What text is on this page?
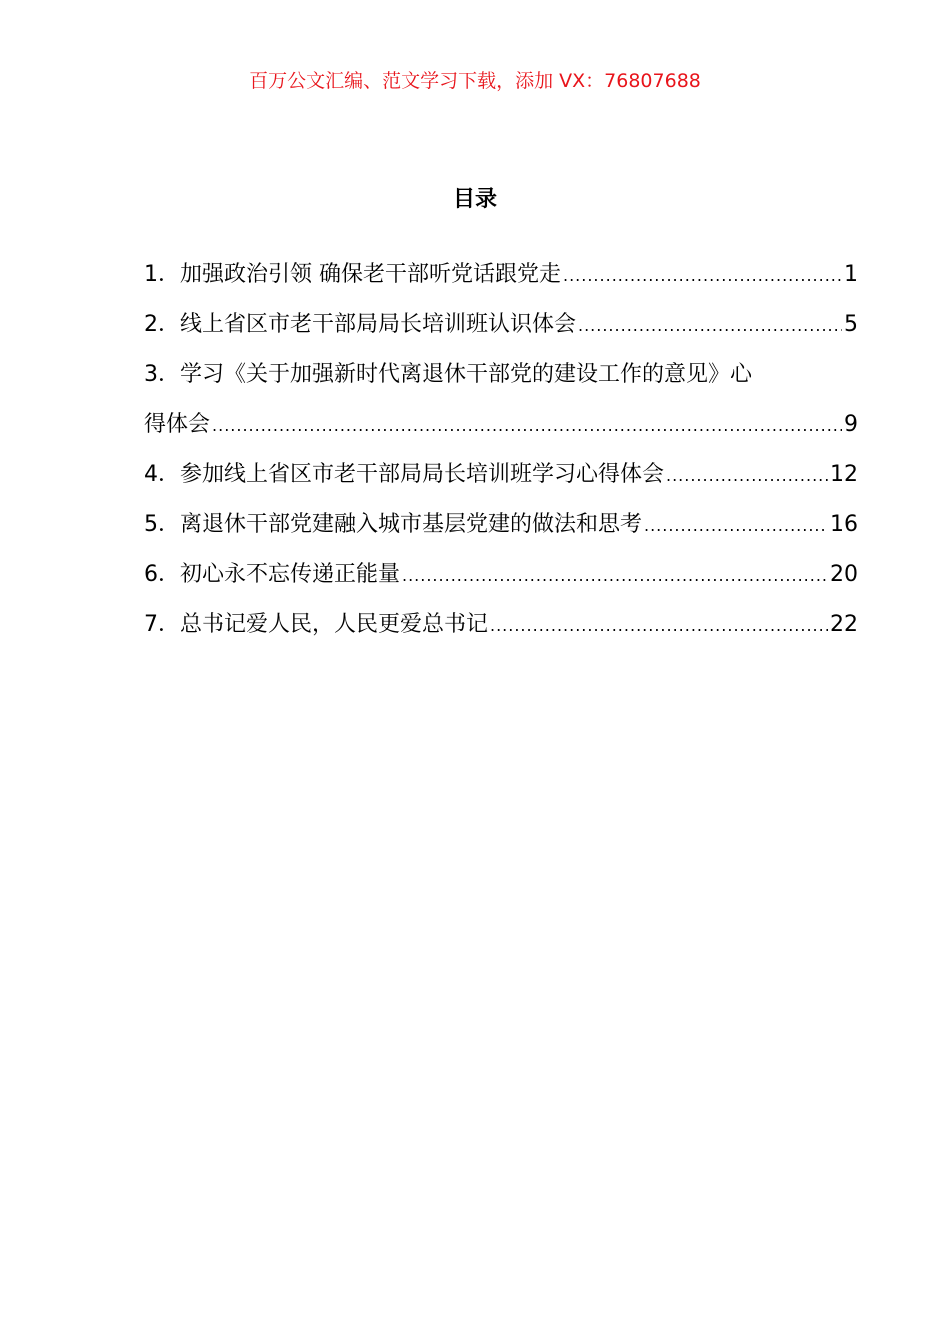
百万公文汇编、范文学习下载，添加 VX：76807688
目录
1．加强政治引领 确保老干部听党话跟党走 .....	1
2．线上省区市老干部局局长培训班认识体会 .....	5
3．学习《关于加强新时代离退休干部党的建设工作的意见》心
得体会 .....	9
4．参加线上省区市老干部局局长培训班学习心得体会 .....	12
5．离退休干部党建融入城市基层党建的做法和思考 .....	16
6．初心永不忘传递正能量 .....	20
7．总书记爱人民，人民更爱总书记 .....	22
